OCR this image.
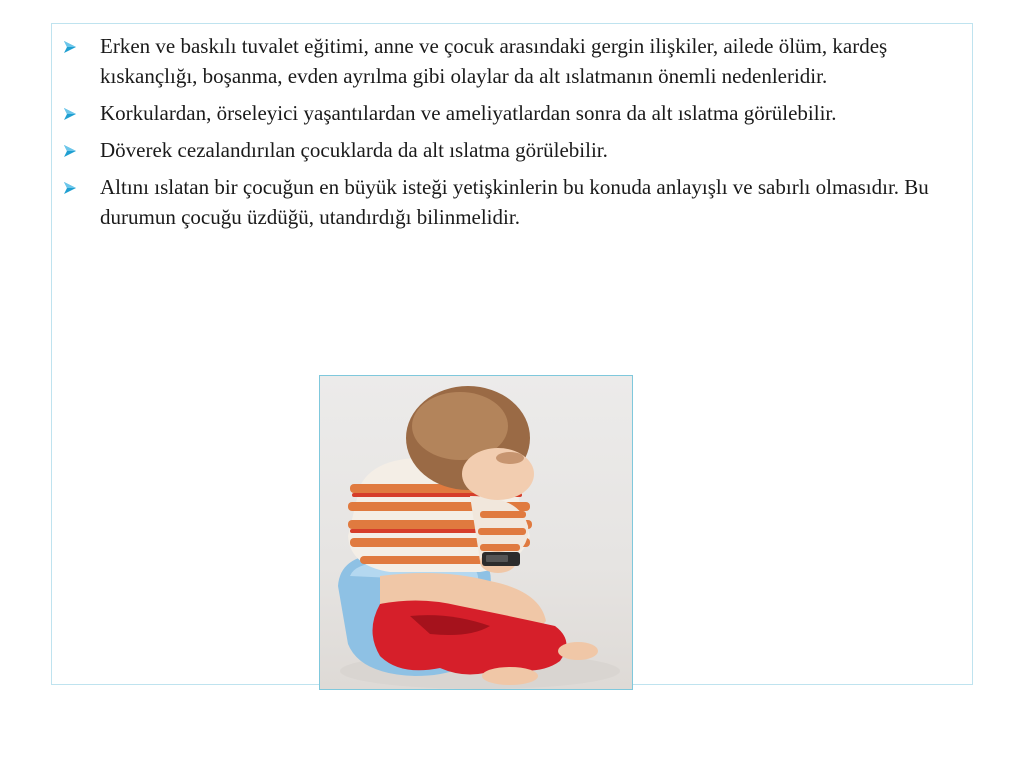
Erken ve baskılı tuvalet eğitimi, anne ve çocuk arasındaki gergin ilişkiler, ailede ölüm, kardeş kıskançlığı, boşanma, evden ayrılma gibi olaylar da alt ıslatmanın önemli nedenleridir.
Korkulardan, örseleyici yaşantılardan ve ameliyatlardan sonra da alt ıslatma görülebilir.
Döverek cezalandırılan çocuklarda da alt ıslatma görülebilir.
Altını ıslatan bir çocuğun en büyük isteği yetişkinlerin bu konuda anlayışlı ve sabırlı olmasıdır. Bu durumun çocuğu üzdüğü, utandırdığı bilinmelidir.
